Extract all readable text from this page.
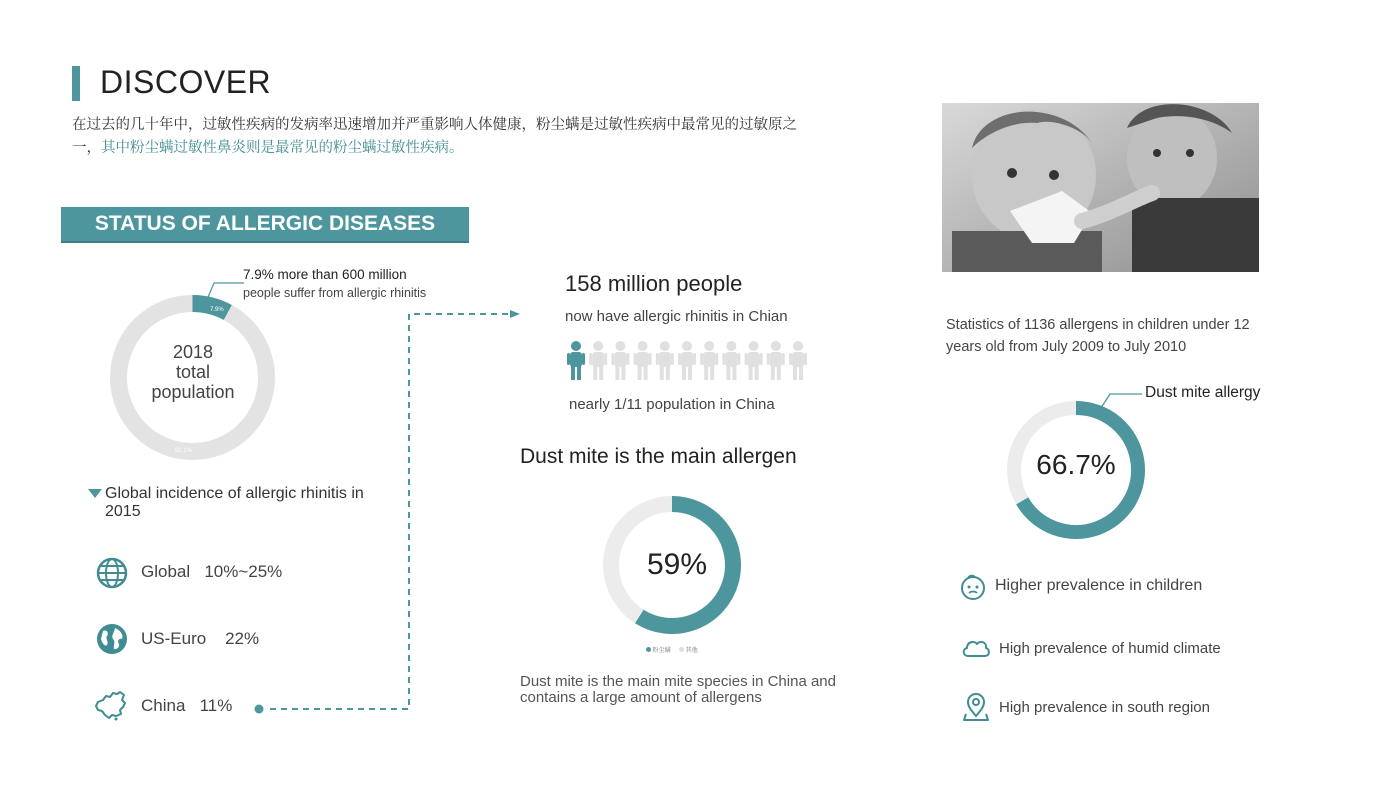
DISCOVER
在过去的几十年中，过敏性疾病的发病率迅速增加并严重影响人体健康，粉尘螨是过敏性疾病中最常见的过敏原之一，其中粉尘螨过敏性鼻炎则是最常见的粉尘螨过敏性疾病。
STATUS OF ALLERGIC DISEASES
7.9%
92.1%
2018
total
population
7.9% more than 600 million
people suffer from allergic rhinitis
Global incidence of allergic rhinitis in 2015
Global 10%~25%
US-Euro 22%
China 11%
158 million people
now have allergic rhinitis in Chian
nearly 1/11 population in China
Dust mite is the main allergen
59%
粉尘螨	其他
Dust mite is the main mite species in China and contains a large amount of allergens
Statistics of 1136 allergens in children under 12 years old from July 2009 to July 2010
Dust mite allergy
66.7%
Higher prevalence in children
High prevalence of humid climate
High prevalence in south region
